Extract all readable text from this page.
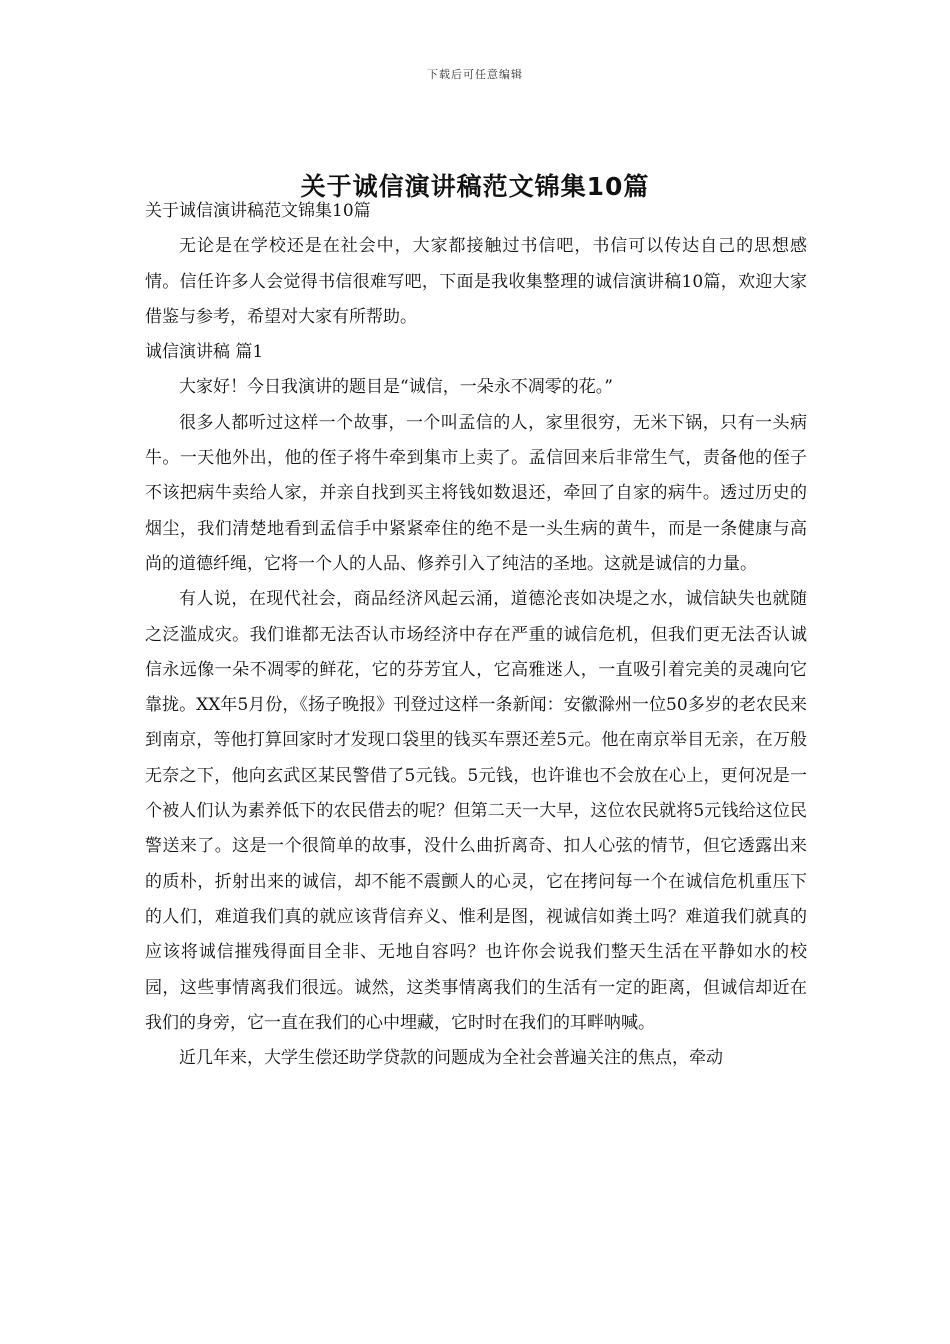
下载后可任意编辑
关于诚信演讲稿范文锦集10篇

关于诚信演讲稿范文锦集10篇

无论是在学校还是在社会中，大家都接触过书信吧，书信可以传达自己的思想感情。信任许多人会觉得书信很难写吧，下面是我收集整理的诚信演讲稿10篇，欢迎大家借鉴与参考，希望对大家有所帮助。

诚信演讲稿 篇1

大家好！今日我演讲的题目是“诚信，一朵永不凋零的花。”

很多人都听过这样一个故事，一个叫孟信的人，家里很穷，无米下锅，只有一头病牛。一天他外出，他的侄子将牛牵到集市上卖了。孟信回来后非常生气，责备他的侄子不该把病牛卖给人家，并亲自找到买主将钱如数退还，牵回了自家的病牛。透过历史的烟尘，我们清楚地看到孟信手中紧紧牵住的绝不是一头生病的黄牛，而是一条健康与高尚的道德纤绳，它将一个人的人品、修养引入了纯洁的圣地。这就是诚信的力量。

有人说，在现代社会，商品经济风起云涌，道德沦丧如决堤之水，诚信缺失也就随之泛滥成灾。我们谁都无法否认市场经济中存在严重的诚信危机，但我们更无法否认诚信永远像一朵不凋零的鲜花，它的芬芳宜人，它高雅迷人，一直吸引着完美的灵魂向它靠拢。XX年5月份，《扬子晚报》刊登过这样一条新闻：安徽滁州一位50多岁的老农民来到南京，等他打算回家时才发现口袋里的钱买车票还差5元。他在南京举目无亲，在万般无奈之下，他向玄武区某民警借了5元钱。5元钱，也许谁也不会放在心上，更何况是一个被人们认为素养低下的农民借去的呢？但第二天一大早，这位农民就将5元钱给这位民警送来了。这是一个很简单的故事，没什么曲折离奇、扣人心弦的情节，但它透露出来的质朴，折射出来的诚信，却不能不震颤人的心灵，它在拷问每一个在诚信危机重压下的人们，难道我们真的就应该背信弃义、惟利是图，视诚信如粪土吗？难道我们就真的应该将诚信摧残得面目全非、无地自容吗？也许你会说我们整天生活在平静如水的校园，这些事情离我们很远。诚然，这类事情离我们的生活有一定的距离，但诚信却近在我们的身旁，它一直在我们的心中埋藏，它时时在我们的耳畔呐喊。

近几年来，大学生偿还助学贷款的问题成为全社会普遍关注的焦点，牵动
